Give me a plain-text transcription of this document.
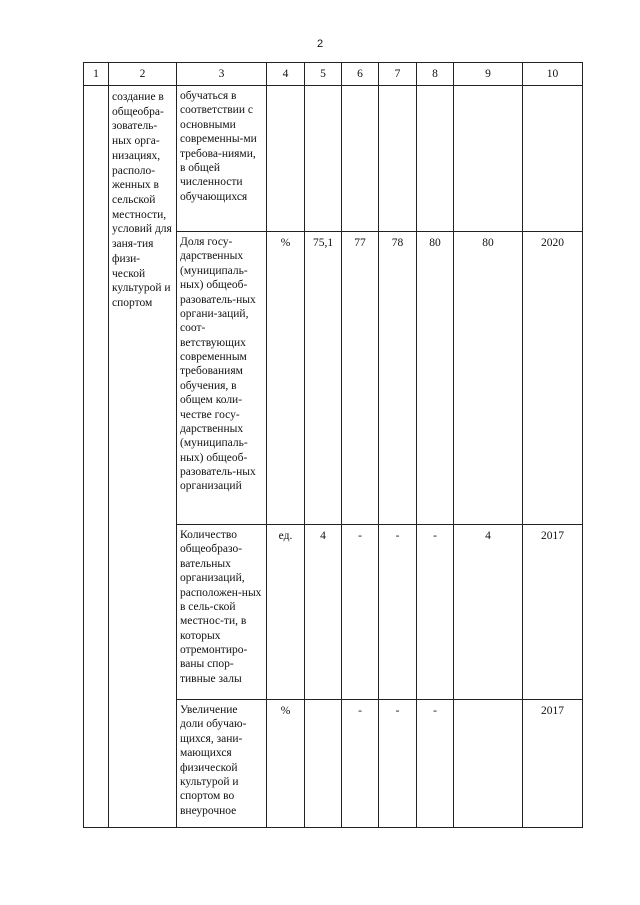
2
1	2	3	4	5	6	7	8	9	10
	создание в общеобра-зователь-ных орга-низациях, располо-женных в сельской местности, условий для заня-тия физи-ческой культурой и спортом	обучаться в соответствии с основными современны-ми требова-ниями, в общей численности обучающихся							
		Доля госу-дарственных (муниципаль-ных) общеоб-разователь-ных органи-заций, соот-ветствующих современным требованиям обучения, в общем коли-честве госу-дарственных (муниципаль-ных) общеоб-разователь-ных организаций	%	75,1	77	78	80	80	2020
		Количество общеобразо-вательных организаций, расположен-ных в сель-ской местнос-ти, в которых отремонтиро-ваны спор-тивные залы	ед.	4	-	-	-	4	2017
		Увеличение доли обучаю-щихся, зани-мающихся физической культурой и спортом во внеурочное	%		-	-	-		2017
